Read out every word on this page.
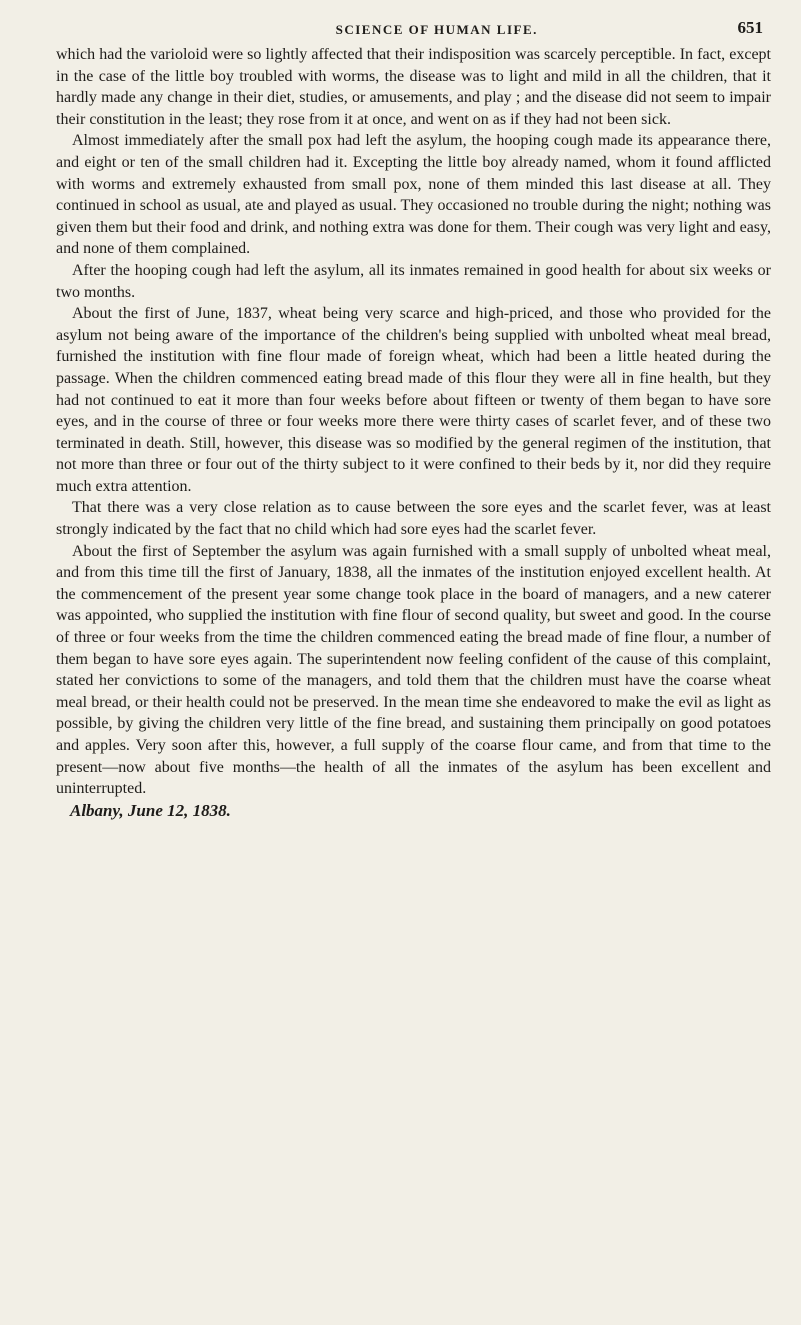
SCIENCE OF HUMAN LIFE.	651

which had the varioloid were so lightly affected that their indisposition was scarcely perceptible. In fact, except in the case of the little boy troubled with worms, the disease was to light and mild in all the children, that it hardly made any change in their diet, studies, or amusements, and play ; and the disease did not seem to impair their constitution in the least; they rose from it at once, and went on as if they had not been sick.

Almost immediately after the small pox had left the asylum, the hooping cough made its appearance there, and eight or ten of the small children had it. Excepting the little boy already named, whom it found afflicted with worms and extremely exhausted from small pox, none of them minded this last disease at all. They continued in school as usual, ate and played as usual. They occasioned no trouble during the night; nothing was given them but their food and drink, and nothing extra was done for them. Their cough was very light and easy, and none of them complained.

After the hooping cough had left the asylum, all its inmates remained in good health for about six weeks or two months.

About the first of June, 1837, wheat being very scarce and high-priced, and those who provided for the asylum not being aware of the importance of the children's being supplied with unbolted wheat meal bread, furnished the institution with fine flour made of foreign wheat, which had been a little heated during the passage. When the children commenced eating bread made of this flour they were all in fine health, but they had not continued to eat it more than four weeks before about fifteen or twenty of them began to have sore eyes, and in the course of three or four weeks more there were thirty cases of scarlet fever, and of these two terminated in death. Still, however, this disease was so modified by the general regimen of the institution, that not more than three or four out of the thirty subject to it were confined to their beds by it, nor did they require much extra attention.

That there was a very close relation as to cause between the sore eyes and the scarlet fever, was at least strongly indicated by the fact that no child which had sore eyes had the scarlet fever.

About the first of September the asylum was again furnished with a small supply of unbolted wheat meal, and from this time till the first of January, 1838, all the inmates of the institution enjoyed excellent health. At the commencement of the present year some change took place in the board of managers, and a new caterer was appointed, who supplied the institution with fine flour of second quality, but sweet and good. In the course of three or four weeks from the time the children commenced eating the bread made of fine flour, a number of them began to have sore eyes again. The superintendent now feeling confident of the cause of this complaint, stated her convictions to some of the managers, and told them that the children must have the coarse wheat meal bread, or their health could not be preserved. In the mean time she endeavored to make the evil as light as possible, by giving the children very little of the fine bread, and sustaining them principally on good potatoes and apples. Very soon after this, however, a full supply of the coarse flour came, and from that time to the present—now about five months—the health of all the inmates of the asylum has been excellent and uninterrupted.

Albany, June 12, 1838.
